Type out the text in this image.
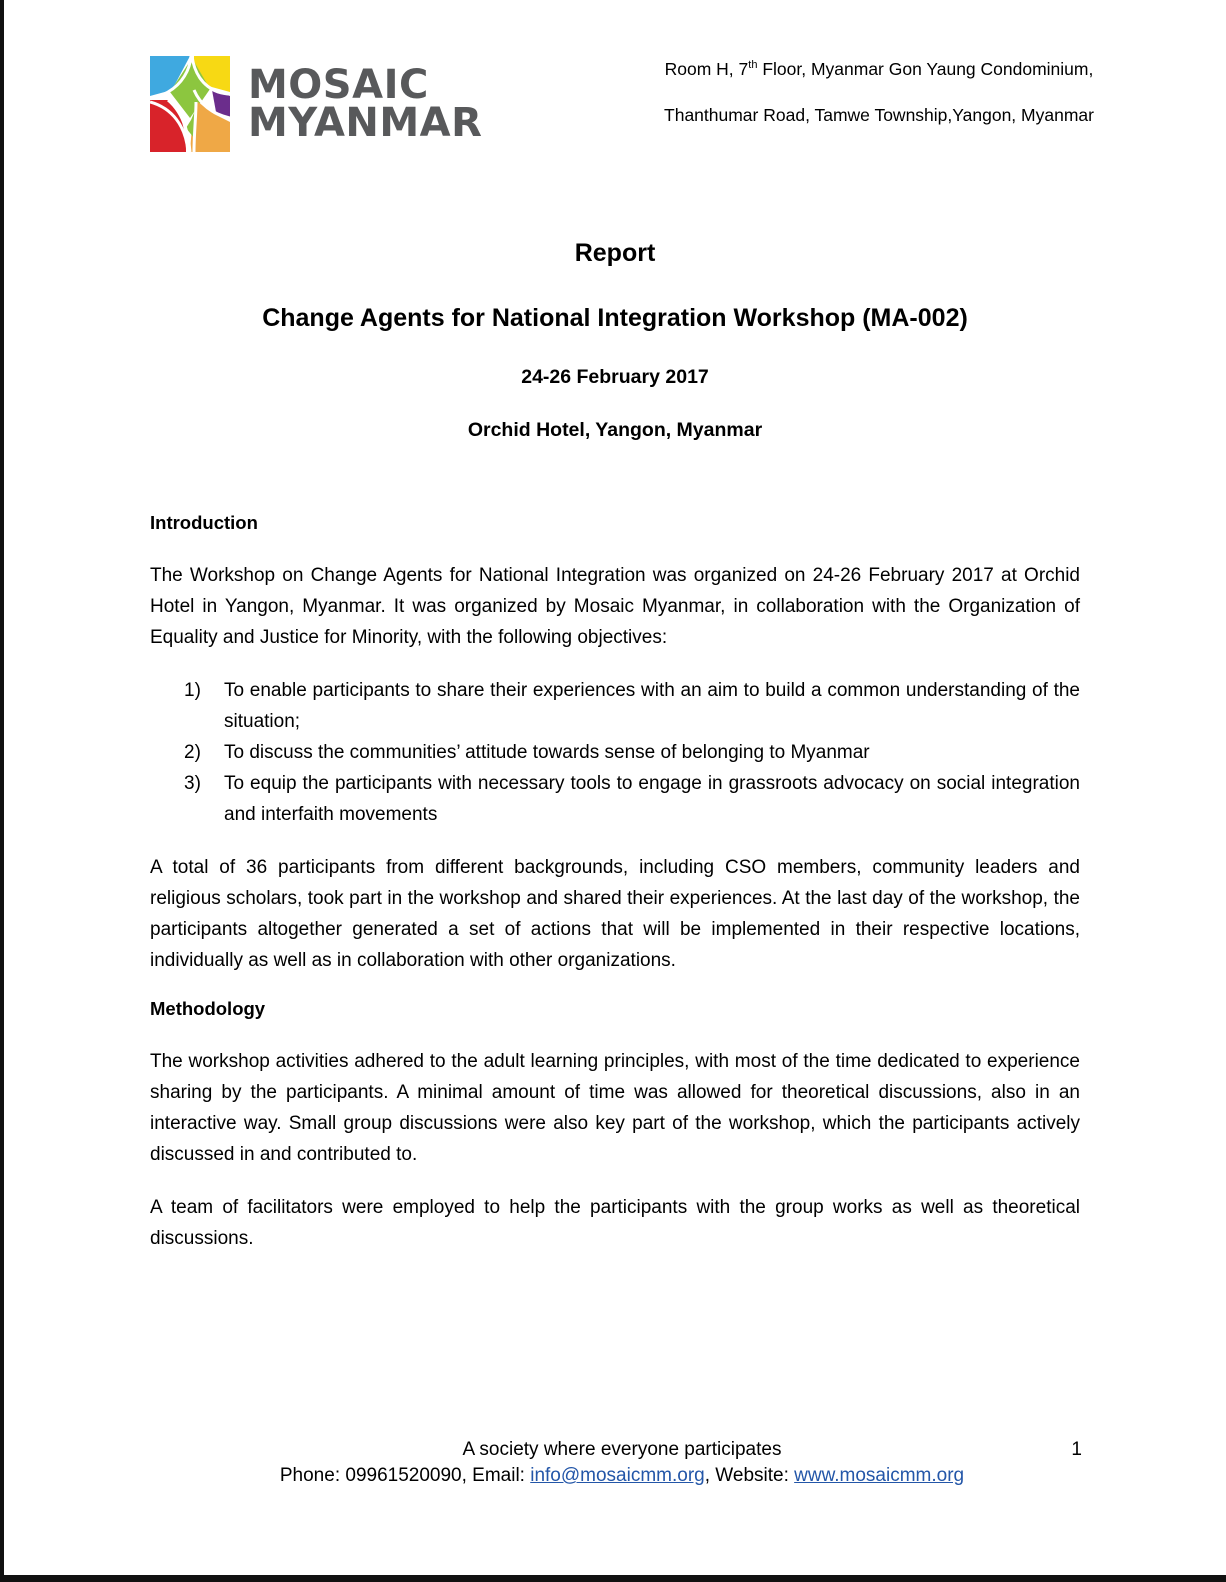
MOSAIC
MYANMAR
Room H, 7th Floor, Myanmar Gon Yaung Condominium,
Thanthumar Road, Tamwe Township,Yangon, Myanmar
Report
Change Agents for National Integration Workshop (MA-002)
24-26 February 2017
Orchid Hotel, Yangon, Myanmar
Introduction

The Workshop on Change Agents for National Integration was organized on 24-26 February 2017 at Orchid Hotel in Yangon, Myanmar. It was organized by Mosaic Myanmar, in collaboration with the Organization of Equality and Justice for Minority, with the following objectives:

1)	To enable participants to share their experiences with an aim to build a common understanding of the situation;
2)	To discuss the communities’ attitude towards sense of belonging to Myanmar
3)	To equip the participants with necessary tools to engage in grassroots advocacy on social integration and interfaith movements

A total of 36 participants from different backgrounds, including CSO members, community leaders and religious scholars, took part in the workshop and shared their experiences. At the last day of the workshop, the participants altogether generated a set of actions that will be implemented in their respective locations, individually as well as in collaboration with other organizations.

Methodology

The workshop activities adhered to the adult learning principles, with most of the time dedicated to experience sharing by the participants. A minimal amount of time was allowed for theoretical discussions, also in an interactive way. Small group discussions were also key part of the workshop, which the participants actively discussed in and contributed to.

A team of facilitators were employed to help the participants with the group works as well as theoretical discussions.

A society where everyone participates
Phone: 09961520090, Email: info@mosaicmm.org, Website: www.mosaicmm.org
1
